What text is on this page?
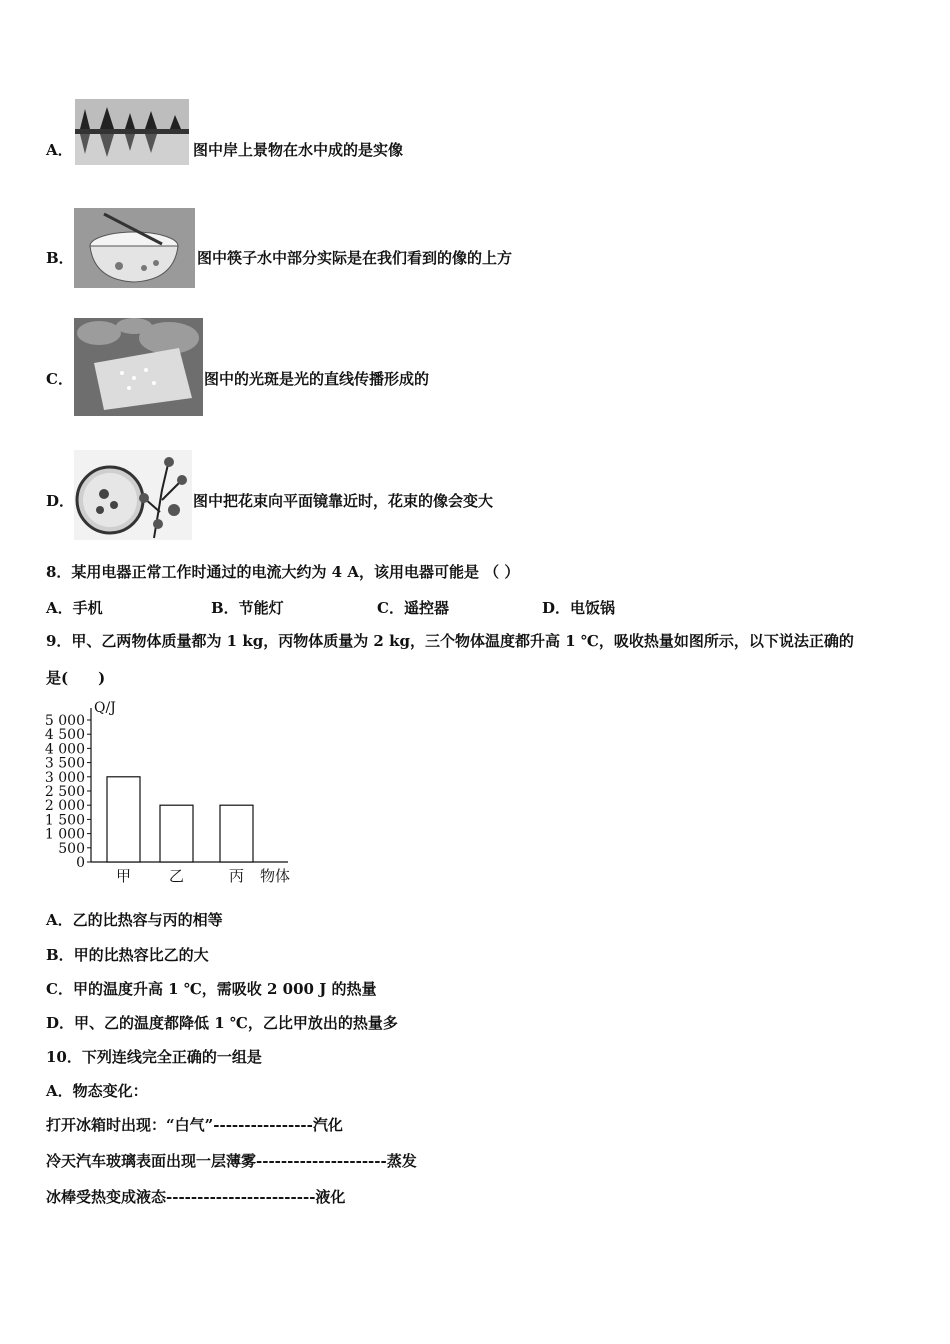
A．	图中岸上景物在水中成的是实像
B．	图中筷子水中部分实际是在我们看到的像的上方
C．	图中的光斑是光的直线传播形成的
D．	图中把花束向平面镜靠近时，花束的像会变大
8．某用电器正常工作时通过的电流大约为 4 A，该用电器可能是 （ ）
A．手机	B．节能灯	C．遥控器	D．电饭锅
9．甲、乙两物体质量都为 1 kg，丙物体质量为 2 kg，三个物体温度都升高 1 ℃，吸收热量如图所示，以下说法正确的
是(　　)
Q/J
5 000
4 500
4 000
3 500
3 000
2 500
2 000
1 500
1 000
500
0
甲	乙	丙 物体
A．乙的比热容与丙的相等
B．甲的比热容比乙的大
C．甲的温度升高 1 ℃，需吸收 2 000 J 的热量
D．甲、乙的温度都降低 1 ℃，乙比甲放出的热量多
10．下列连线完全正确的一组是
A．物态变化：
打开冰箱时出现：“白气”----------------汽化
冷天汽车玻璃表面出现一层薄雾---------------------蒸发
冰棒受热变成液态------------------------液化
